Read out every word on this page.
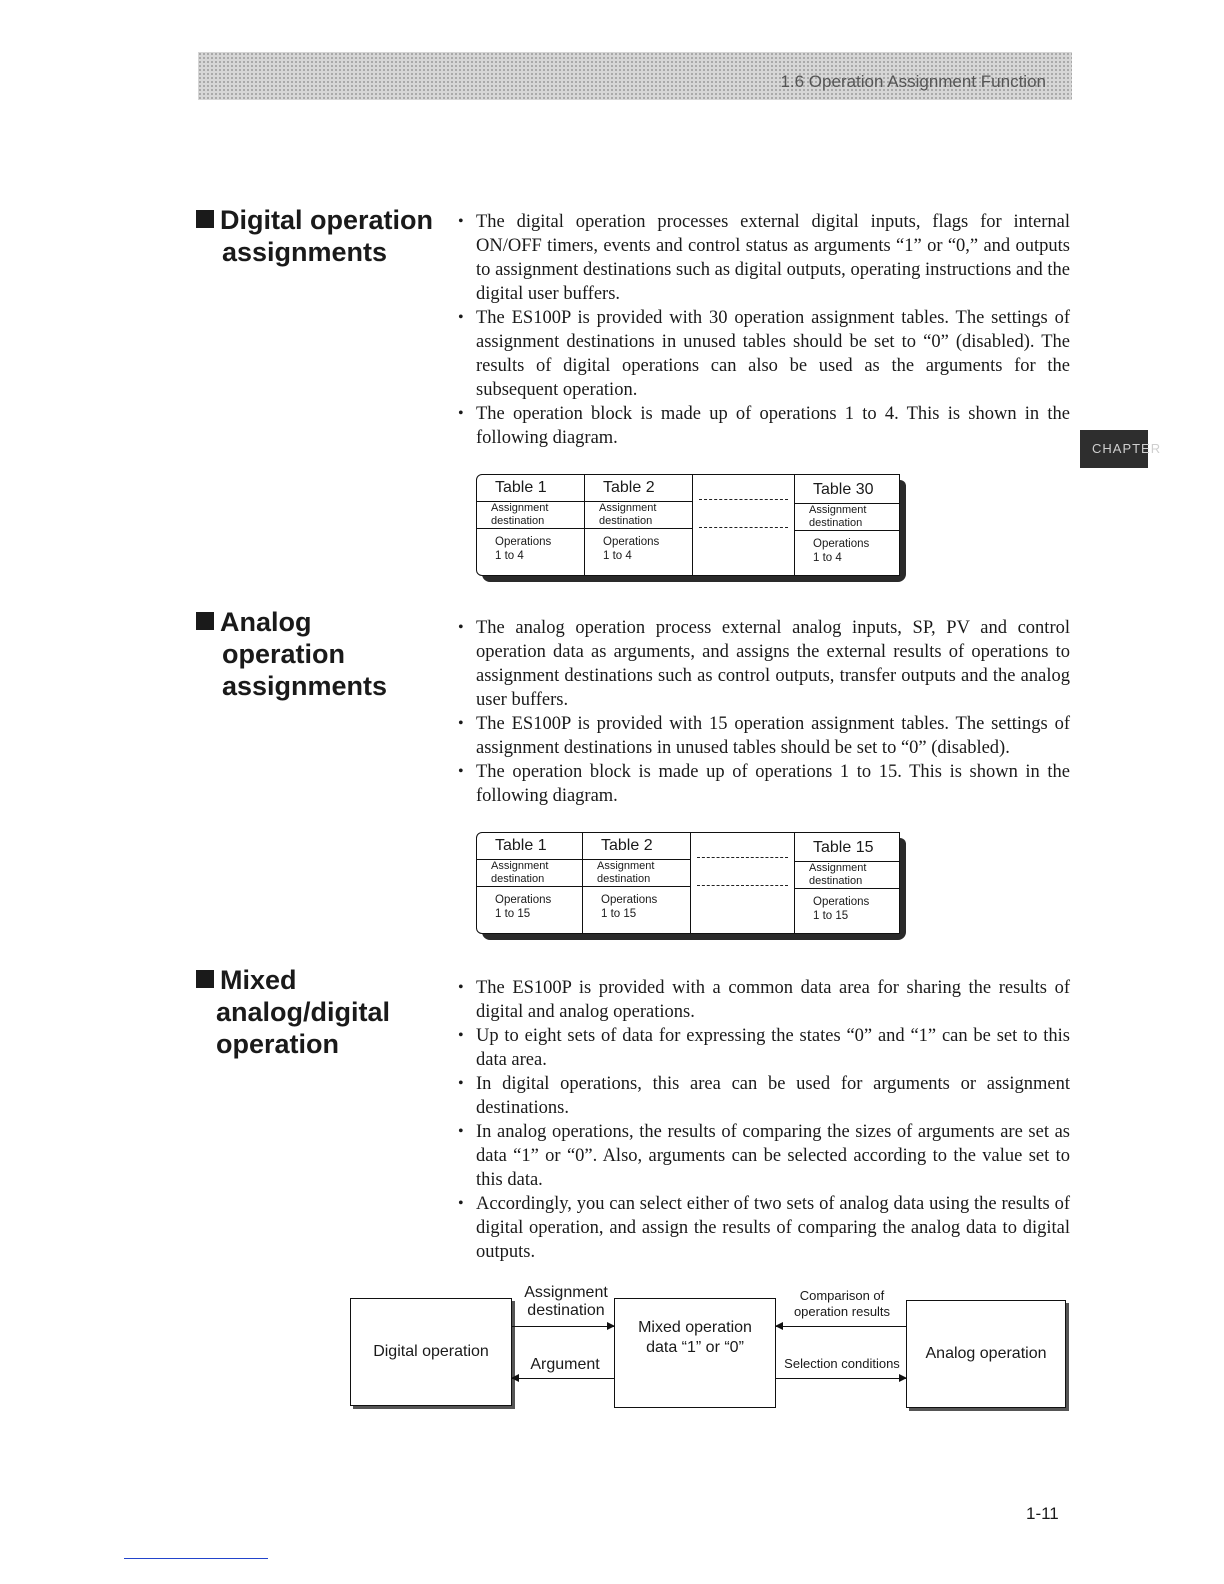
1.6 Operation Assignment Function
CHAPTER
Digital operation
assignments
• The digital operation processes external digital inputs, flags for internal ON/OFF timers, events and control status as arguments “1” or “0,” and outputs to assignment destinations such as digital outputs, operating instructions and the digital user buffers.
• The ES100P is provided with 30 operation assignment tables. The settings of assignment destinations in unused tables should be set to “0” (disabled). The results of digital operations can also be used as the arguments for the subsequent operation.
• The operation block is made up of operations 1 to 4. This is shown in the following diagram.
Table 1
Assignment
destination
Operations
1 to 4
Table 2
Assignment
destination
Operations
1 to 4
Table 30
Assignment
destination
Operations
1 to 4
Analog
operation
assignments
• The analog operation process external analog inputs, SP, PV and control operation data as arguments, and assigns the external results of operations to assignment destinations such as control outputs, transfer outputs and the analog user buffers.
• The ES100P is provided with 15 operation assignment tables. The settings of assignment destinations in unused tables should be set to “0” (disabled).
• The operation block is made up of operations 1 to 15. This is shown in the following diagram.
Table 1
Assignment
destination
Operations
1 to 15
Table 2
Assignment
destination
Operations
1 to 15
Table 15
Assignment
destination
Operations
1 to 15
Mixed
analog/digital
operation
• The ES100P is provided with a common data area for sharing the results of digital and analog operations.
• Up to eight sets of data for expressing the states “0” and “1” can be set to this data area.
• In digital operations, this area can be used for arguments or assignment destinations.
• In analog operations, the results of comparing the sizes of arguments are set as data “1” or “0”. Also, arguments can be selected according to the value set to this data.
• Accordingly, you can select either of two sets of analog data using the results of digital operation, and assign the results of comparing the analog data to digital outputs.
Digital operation
Assignment
destination
Argument
Mixed operation
data “1” or “0”
Comparison of
operation results
Selection conditions
Analog operation
1-11
